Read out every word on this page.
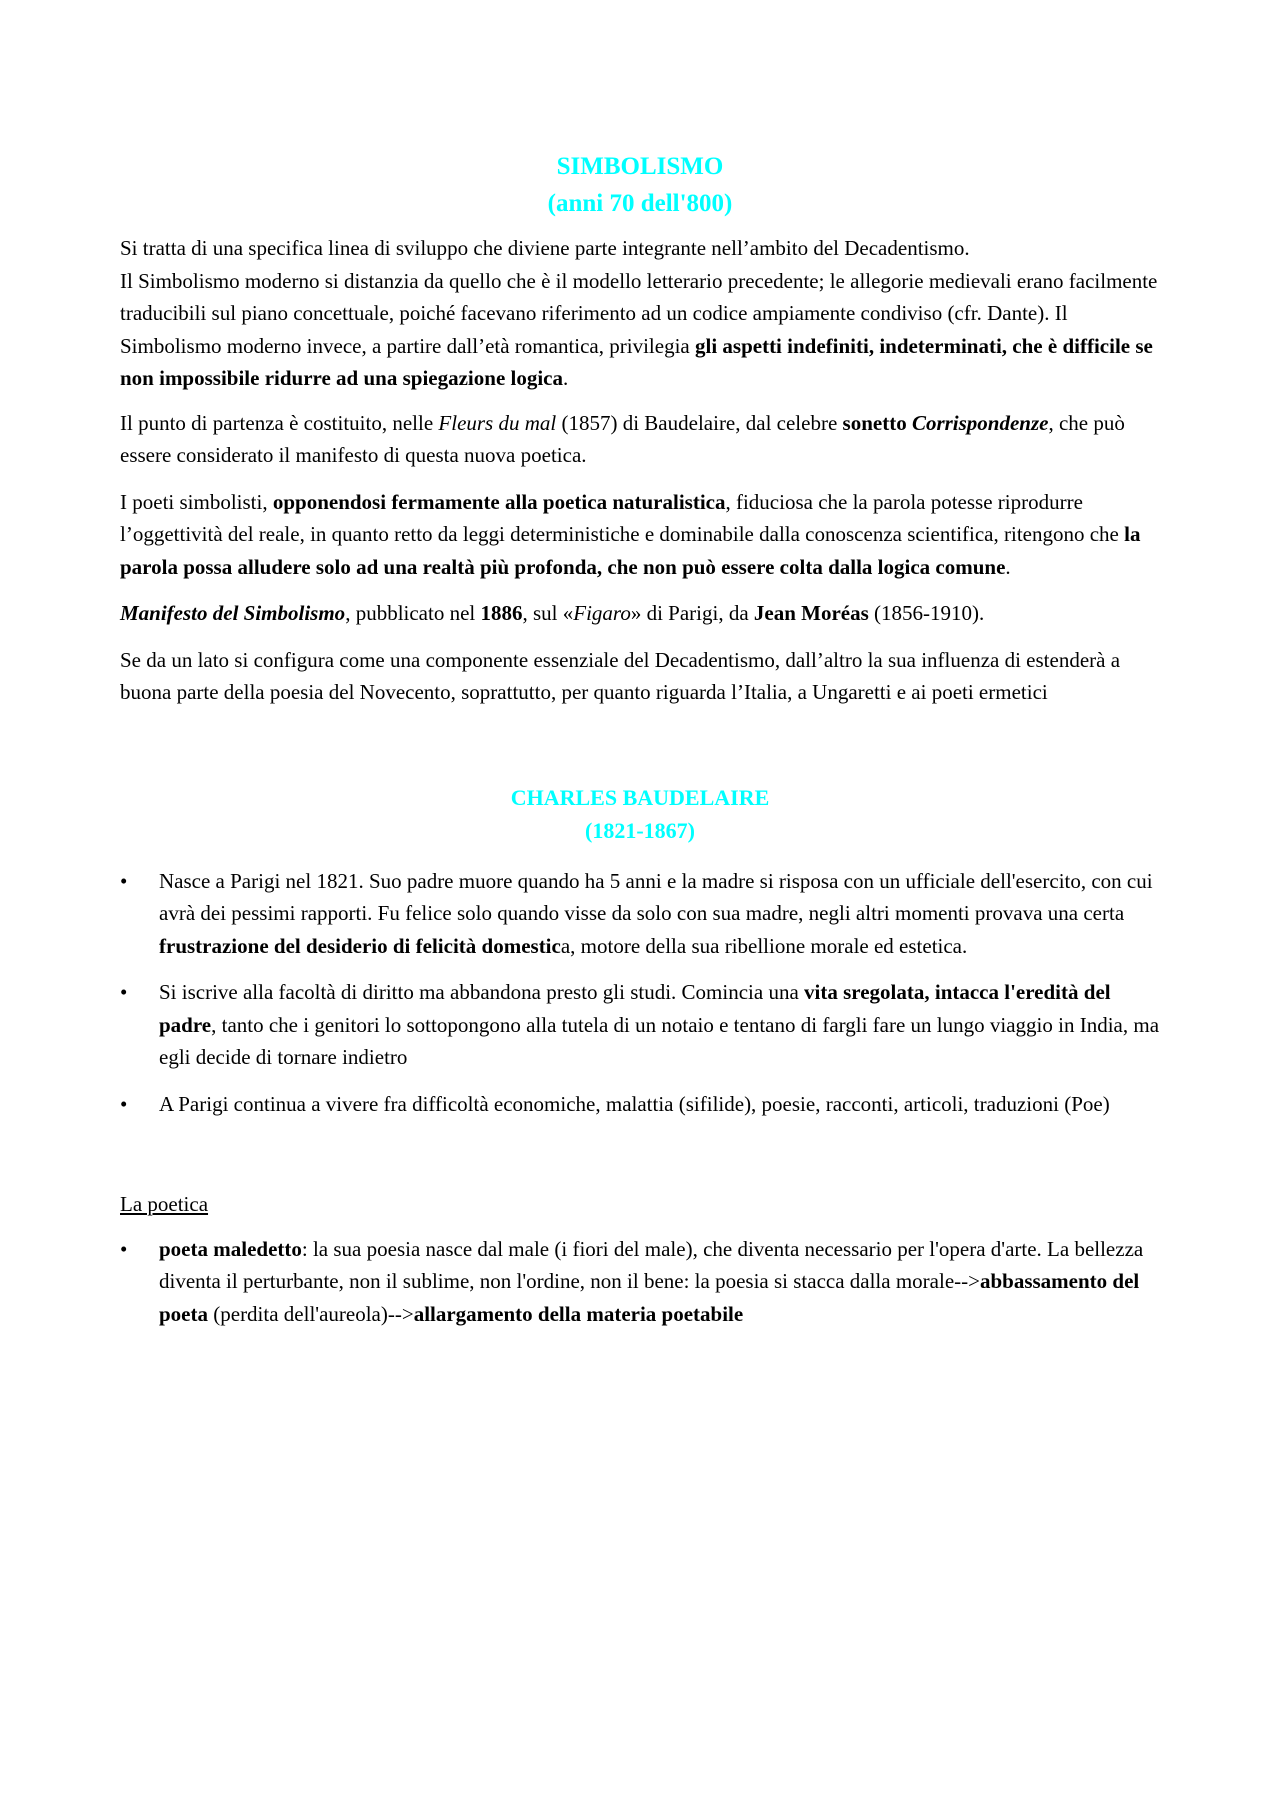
SIMBOLISMO
(anni 70 dell'800)

Si tratta di una specifica linea di sviluppo che diviene parte integrante nell’ambito del Decadentismo.
Il Simbolismo moderno si distanzia da quello che è il modello letterario precedente; le allegorie medievali erano facilmente traducibili sul piano concettuale, poiché facevano riferimento ad un codice ampiamente condiviso (cfr. Dante). Il Simbolismo moderno invece, a partire dall’età romantica, privilegia gli aspetti indefiniti, indeterminati, che è difficile se non impossibile ridurre ad una spiegazione logica.

Il punto di partenza è costituito, nelle Fleurs du mal (1857) di Baudelaire, dal celebre sonetto Corrispondenze, che può essere considerato il manifesto di questa nuova poetica.

I poeti simbolisti, opponendosi fermamente alla poetica naturalistica, fiduciosa che la parola potesse riprodurre l’oggettività del reale, in quanto retto da leggi deterministiche e dominabile dalla conoscenza scientifica, ritengono che la parola possa alludere solo ad una realtà più profonda, che non può essere colta dalla logica comune.

Manifesto del Simbolismo, pubblicato nel 1886, sul «Figaro» di Parigi, da Jean Moréas (1856-1910).

Se da un lato si configura come una componente essenziale del Decadentismo, dall’altro la sua influenza di estenderà a buona parte della poesia del Novecento, soprattutto, per quanto riguarda l’Italia, a Ungaretti e ai poeti ermetici

CHARLES BAUDELAIRE
(1821-1867)
•	Nasce a Parigi nel 1821. Suo padre muore quando ha 5 anni e la madre si risposa con un ufficiale dell'esercito, con cui avrà dei pessimi rapporti. Fu felice solo quando visse da solo con sua madre, negli altri momenti provava una certa frustrazione del desiderio di felicità domestica, motore della sua ribellione morale ed estetica.
•	Si iscrive alla facoltà di diritto ma abbandona presto gli studi. Comincia una vita sregolata, intacca l'eredità del padre, tanto che i genitori lo sottopongono alla tutela di un notaio e tentano di fargli fare un lungo viaggio in India, ma egli decide di tornare indietro
•	A Parigi continua a vivere fra difficoltà economiche, malattia (sifilide), poesie, racconti, articoli, traduzioni (Poe)
La poetica
•	poeta maledetto: la sua poesia nasce dal male (i fiori del male), che diventa necessario per l'opera d'arte. La bellezza diventa il perturbante, non il sublime, non l'ordine, non il bene: la poesia si stacca dalla morale-->abbassamento del poeta (perdita dell'aureola)-->allargamento della materia poetabile
